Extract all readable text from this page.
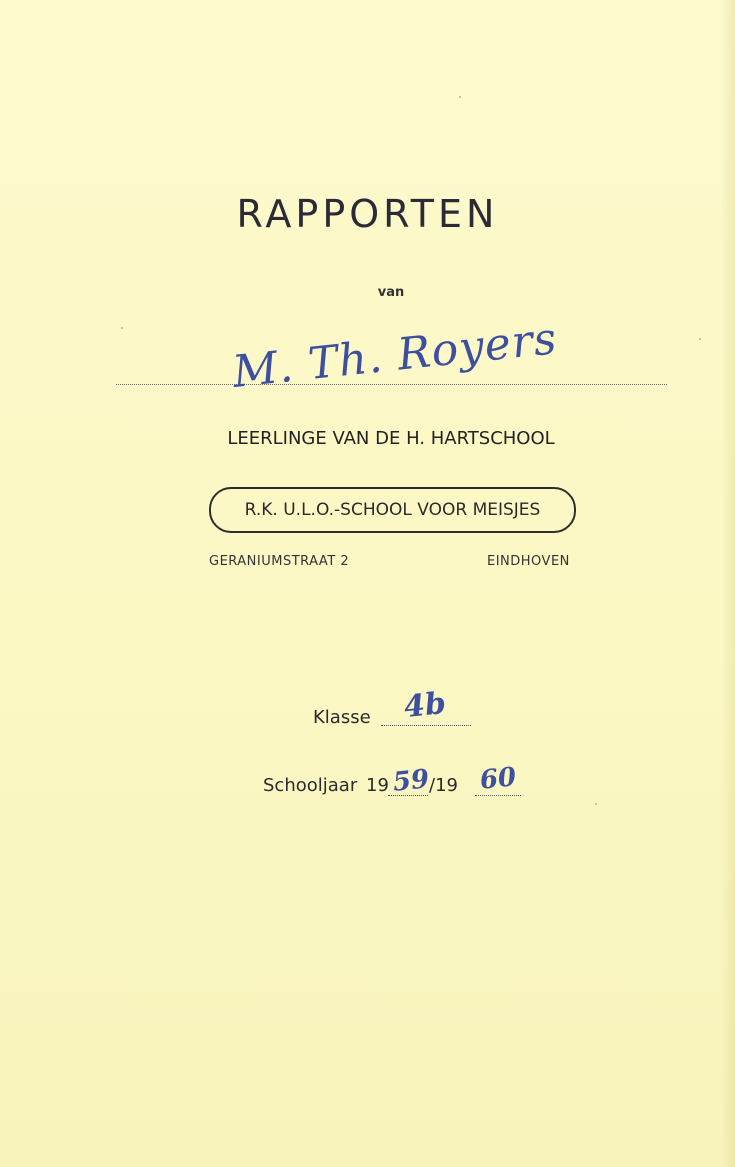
RAPPORTEN
van
M. Th. Royers
LEERLINGE VAN DE H. HARTSCHOOL
R.K. U.L.O.-SCHOOL VOOR MEISJES
GERANIUMSTRAAT 2	EINDHOVEN
Klasse 4b
Schooljaar 19 59
/19 60
